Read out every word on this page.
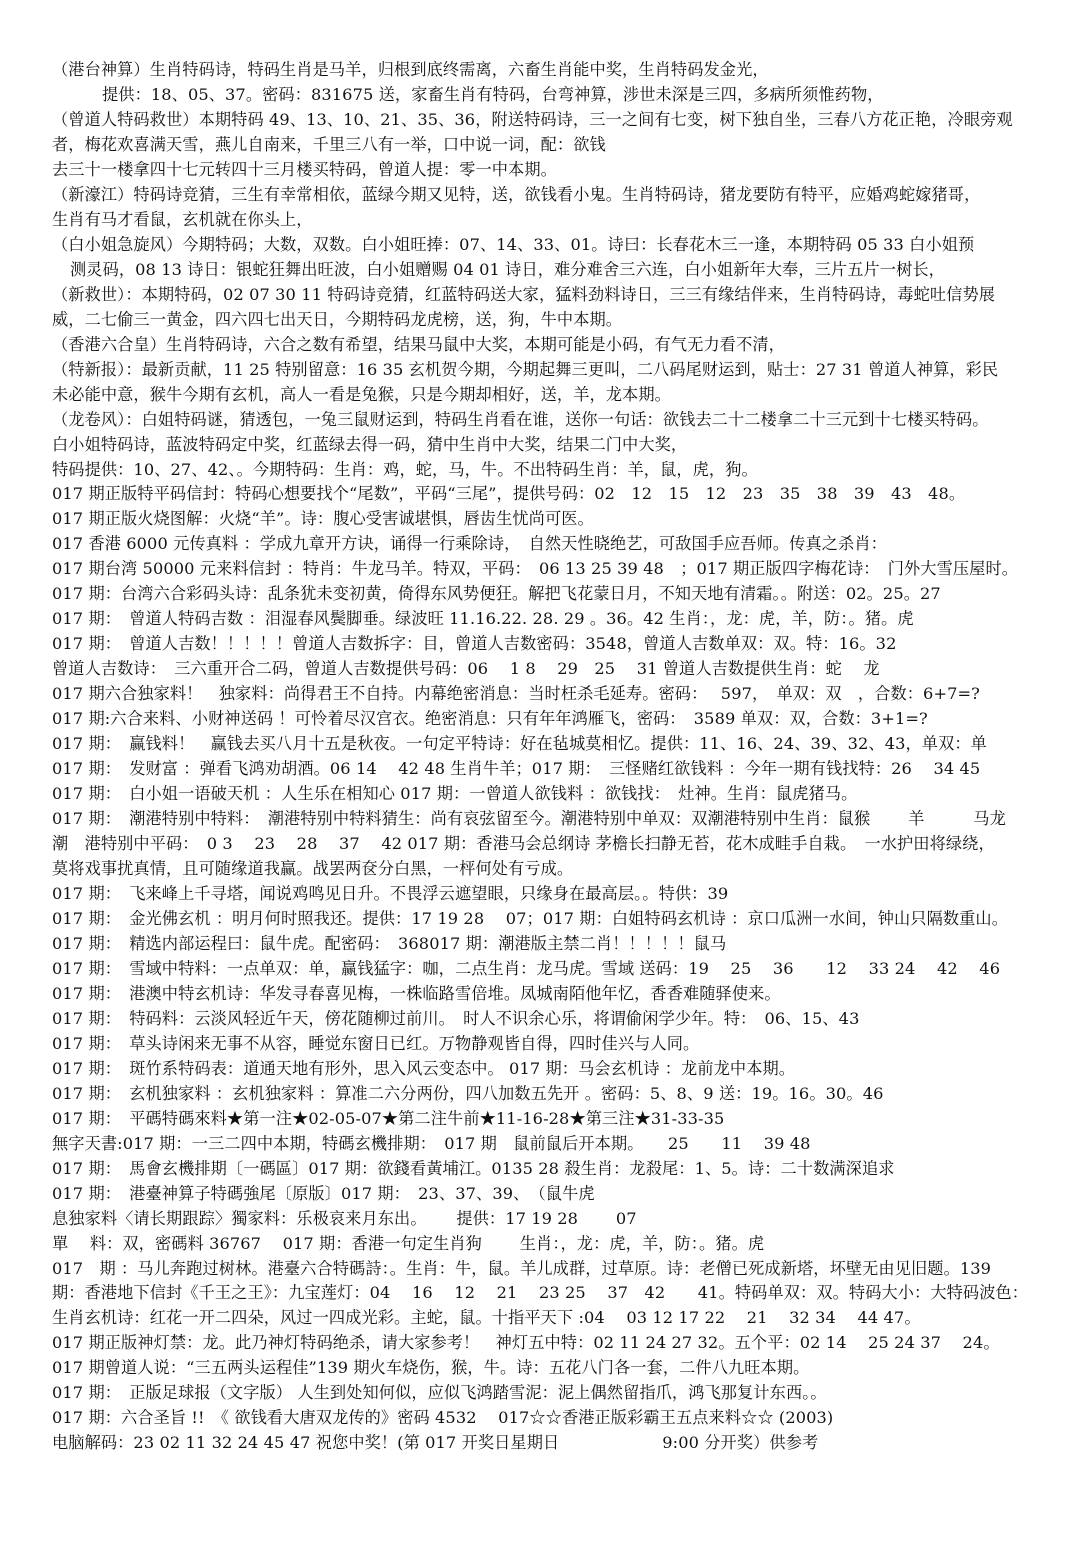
（港台神算）生肖特码诗，特码生肖是马羊，归根到底终需离，六畜生肖能中奖，生肖特码发金光，
提供：18、05、37。密码：831675 送，家畜生肖有特码，台弯神算，涉世未深是三四，多病所须惟药物，
（曾道人特码救世）本期特码 49、13、10、21、35、36，附送特码诗，三一之间有七变，树下独自坐，三春八方花正艳，冷眼旁观
者，梅花欢喜满天雪，燕儿自南来，千里三八有一举，口中说一词，配：欲钱
去三十一楼拿四十七元转四十三月楼买特码，曾道人提：零一中本期。
（新濠江）特码诗竞猜，三生有幸常相依，蓝绿今期又见特，送，欲钱看小鬼。生肖特码诗，猪龙要防有特平，应婚鸡蛇嫁猪哥，
生肖有马才看鼠，玄机就在你头上，
（白小姐急旋风）今期特码；大数，双数。白小姐旺捧：07、14、33、01。诗曰：长春花木三一逢，本期特码 05 33 白小姐预
测灵码，08 13 诗日：银蛇狂舞出旺波，白小姐赠赐 04 01 诗日，难分难舍三六连，白小姐新年大奉，三片五片一树长，
（新救世）：本期特码，02 07 30 11 特码诗竞猜，红蓝特码送大家，猛料劲料诗日，三三有缘结伴来，生肖特码诗，毒蛇吐信势展
威，二七偷三一黄金，四六四七出天日，今期特码龙虎榜，送，狗，牛中本期。
（香港六合皇）生肖特码诗，六合之数有希望，结果马鼠中大奖，本期可能是小码，有气无力看不清，
（特新报）：最新贡献，11 25 特别留意：16 35 玄机贺今期，今期起舞三更叫，二八码尾财运到，贴士：27 31 曾道人神算，彩民
未必能中意，猴牛今期有玄机，高人一看是兔猴，只是今期却相好，送，羊，龙本期。
（龙卷风）：白姐特码谜，猜透包，一兔三鼠财运到，特码生肖看在谁，送你一句话：欲钱去二十二楼拿二十三元到十七楼买特码。
白小姐特码诗，蓝波特码定中奖，红蓝绿去得一码，猜中生肖中大奖，结果二门中大奖，
特码提供：10、27、42、。今期特码：生肖：鸡，蛇，马，牛。不出特码生肖：羊，鼠，虎，狗。
017 期正版特平码信封：特码心想要找个“尾数”，平码“三尾”，提供号码：02　12　15　12　23　35　38　39　43　48。
017 期正版火烧图解：火烧“羊”。诗：腹心受害诚堪惧，唇齿生忧尚可医。
017 香港 6000 元传真料 ：学成九章开方诀，诵得一行乘除诗，　自然天性晓绝艺，可敌国手应吾师。传真之杀肖：
017 期台湾 50000 元来料信封 ：特肖：牛龙马羊。特双，平码：　06 13 25 39 48　；017 期正版四字梅花诗：　门外大雪压屋时。
017 期：台湾六合彩码头诗：乱条犹未变初黄，倚得东风势便狂。解把飞花蒙日月，不知天地有清霜。。附送：02。25。27
017 期：　曾道人特码吉数 ：泪湿春风鬓脚垂。绿波旺 11.16.22. 28. 29 。36。42 生肖：，龙：虎，羊，防：。猪。虎
017 期：　曾道人吉数！！！！！曾道人吉数拆字：目，曾道人吉数密码：3548，曾道人吉数单双：双。特：16。32
曾道人吉数诗：　三六重开合二码，曾道人吉数提供号码：06　 1 8　 29　25　 31 曾道人吉数提供生肖：蛇　 龙
017 期六合独家料！　独家料：尚得君王不自持。内幕绝密消息：当时枉杀毛延寿。密码：　 597，　单双：双　，合数：6+7=?
017 期:六合来料、小财神送码 ！可怜着尽汉宫衣。绝密消息：只有年年鸿雁飞，密码：　3589 单双：双，合数：3+1=?
017 期：　赢钱料！　赢钱去买八月十五是秋夜。一句定平特诗：好在毡城莫相忆。提供：11、16、24、39、32、43，单双：单
017 期：　发财富 ：弹看飞鸿劝胡酒。06 14　 42 48 生肖牛羊；017 期：　三怪赌红欲钱料 ：今年一期有钱找特：26　 34 45
017 期：　白小姐一语破天机 ：人生乐在相知心 017 期：一曾道人欲钱料 ：欲钱找：　灶神。生肖：鼠虎猪马。
017 期：　潮港特别中特料：　潮港特别中特料猜生：尚有哀弦留至今。潮港特别中单双：双潮港特别中生肖：鼠猴　　 羊　　　马龙
潮　港特别中平码：　0 3　 23　 28　 37　 42 017 期：香港马会总纲诗 茅檐长扫静无苔，花木成畦手自栽。　一水护田将绿绕，
莫将戏事扰真情，且可随缘道我赢。战罢两奁分白黑，一枰何处有亏成。
017 期：　飞来峰上千寻塔，闻说鸡鸣见日升。不畏浮云遮望眼，只缘身在最高层。。特供：39
017 期：　金光佛玄机 ：明月何时照我还。提供：17 19 28　 07；017 期：白姐特码玄机诗 ：京口瓜洲一水间，钟山只隔数重山。
017 期：　精选内部运程曰：鼠牛虎。配密码：　368017 期：潮港版主禁二肖！！！！！鼠马
017 期：　雪域中特料：一点单双：单，赢钱猛字：咖，二点生肖：龙马虎。雪域 送码：19　 25　 36　　12　 33 24　 42　 46
017 期：　港澳中特玄机诗：华发寻春喜见梅，一株临路雪倍堆。凤城南陌他年忆，香香难随驿使来。
017 期：　特码料：云淡风轻近午天，傍花随柳过前川。　时人不识余心乐，将谓偷闲学少年。特：　06、15、43
017 期：　草头诗闲来无事不从容，睡觉东窗日已红。万物静观皆自得，四时佳兴与人同。
017 期：　斑竹系特码表：道通天地有形外，思入风云变态中。 017 期：马会玄机诗 ：龙前龙中本期。
017 期：　玄机独家料 ：玄机独家料 ：算准二六分两份，四八加数五先开 。密码：5、8、9 送：19。16。30。46
017 期：　平碼特碼來料★第一注★02-05-07★第二注牛前★11-16-28★第三注★31-33-35
無字天書:017 期：一三二四中本期，特碼玄機排期：　017 期　鼠前鼠后开本期。　　25　　11　 39 48
017 期：　馬會玄機排期〔一碼區〕017 期：欲錢看黃埔江。0135 28 殺生肖：龙殺尾：1、5。诗：二十数满深追求
017 期：　港臺神算子特碼強尾〔原版〕017 期：　23、37、39、　（鼠牛虎
息独家料〈请长期跟踪〉獨家料：乐极哀来月东出。　　 提供：17 19 28　　 07
單　 料：双，密碼料 36767　 017 期：香港一句定生肖狗　　 生肖：，龙：虎，羊，防：。猪。虎
017　期 ：马儿奔跑过树林。港臺六合特碼詩：。生肖：牛，鼠。羊儿成群，过草原。诗：老僧已死成新塔，坏壁无由见旧题。139
期：香港地下信封《千王之王》：九宝莲灯：04　 16　 12　 21　 23 25　 37　42　　41。特码单双：双。特码大小：大特码波色：
生肖玄机诗：红花一开二四朵，风过一四成光彩。主蛇，鼠。十指平天下 :04　 03 12 17 22　 21　 32 34　 44 47。
017 期正版神灯禁：龙。此乃神灯特码绝杀，请大家参考！　神灯五中特：02 11 24 27 32。五个平：02 14　 25 24 37　 24。
017 期曾道人说：“三五两头运程佳”139 期火车烧伤，猴，牛。诗：五花八门各一套，二件八九旺本期。
017 期：　正版足球报（文字版） 人生到处知何似，应似飞鸿踏雪泥：泥上偶然留指爪，鸿飞那复计东西。。
017 期：六合圣旨 !!　《 欲钱看大唐双龙传的》密码 4532　 017☆☆香港正版彩霸王五点来料☆☆ (2003)
电脑解码：23 02 11 32 24 45 47 祝您中奖！(第 017 开奖日星期日　　　　　　 9:00 分开奖）供参考
